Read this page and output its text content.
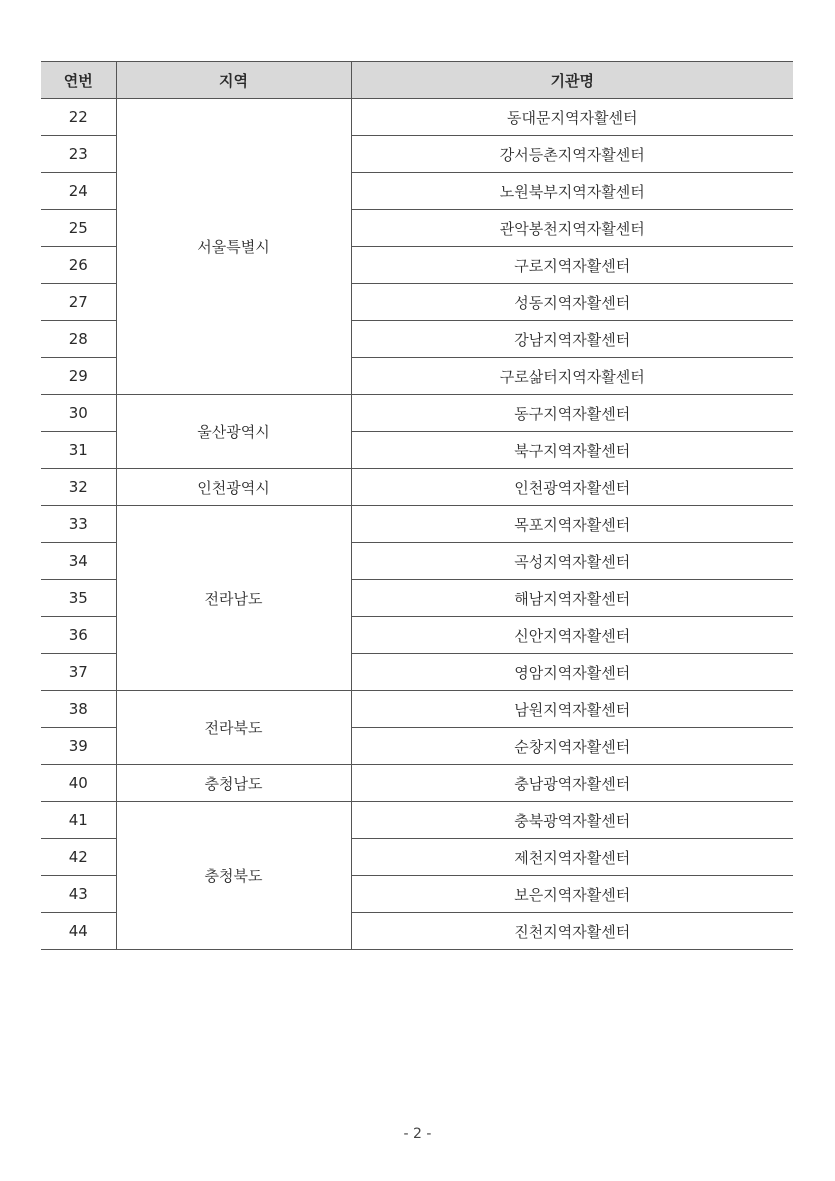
연번	지역	기관명
22	서울특별시	동대문지역자활센터
23		강서등촌지역자활센터
24		노원북부지역자활센터
25		관악봉천지역자활센터
26		구로지역자활센터
27		성동지역자활센터
28		강남지역자활센터
29		구로삶터지역자활센터
30	울산광역시	동구지역자활센터
31		북구지역자활센터
32	인천광역시	인천광역자활센터
33	전라남도	목포지역자활센터
34		곡성지역자활센터
35		해남지역자활센터
36		신안지역자활센터
37		영암지역자활센터
38	전라북도	남원지역자활센터
39		순창지역자활센터
40	충청남도	충남광역자활센터
41	충청북도	충북광역자활센터
42		제천지역자활센터
43		보은지역자활센터
44		진천지역자활센터
- 2 -
